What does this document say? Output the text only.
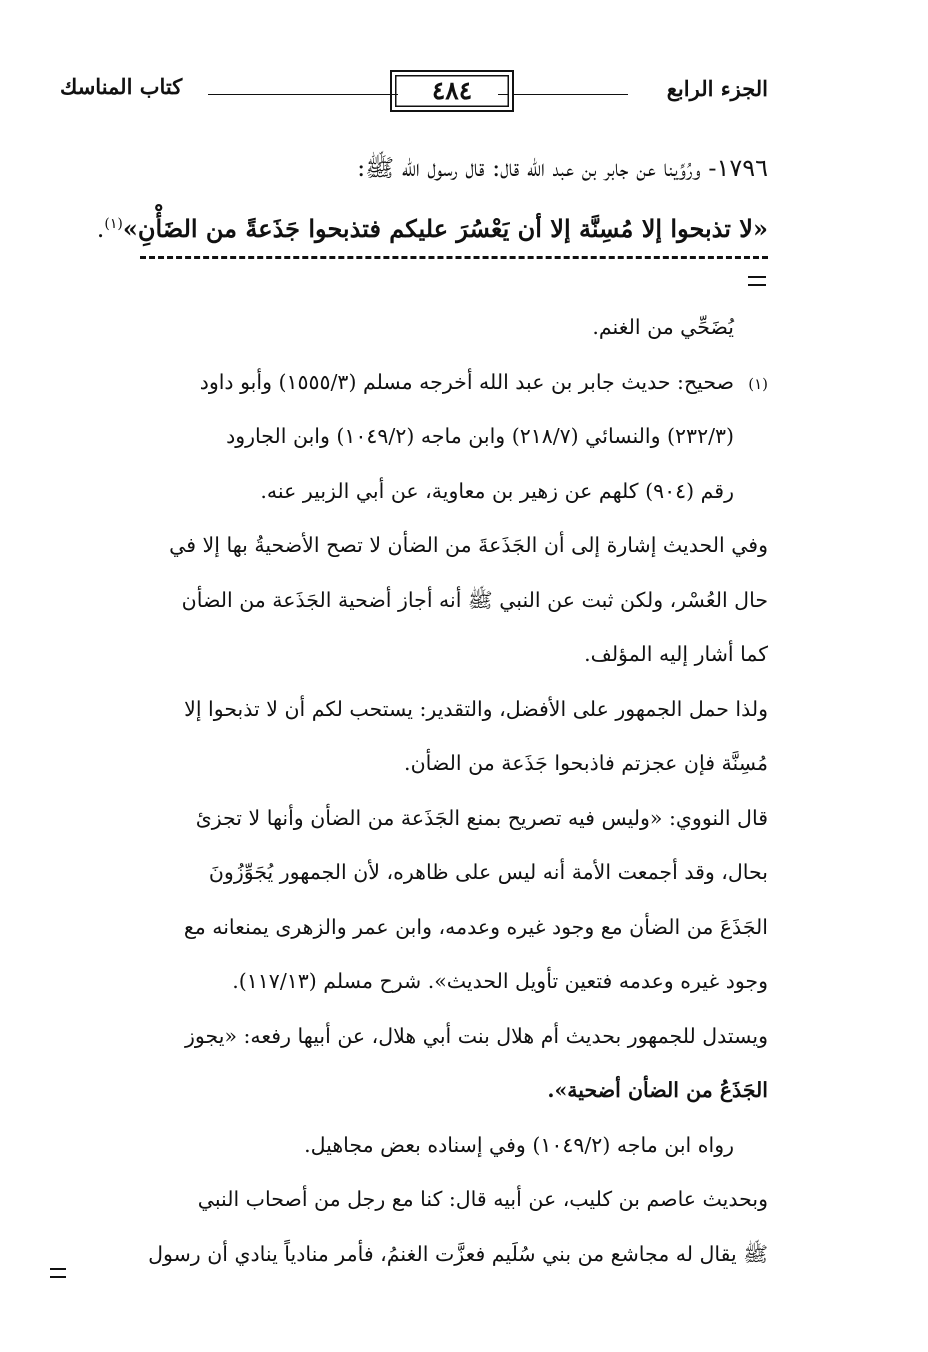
الجزء الرابع
٤٨٤
كتاب المناسك
١٧٩٦- ورُوِّينا عن جابر بن عبد الله قال: قال رسول الله ﷺ:
«لا تذبحوا إلا مُسِنَّة إلا أن يَعْسُرَ عليكم فتذبحوا جَذَعةً من الضَأْنِ»$^{(١)}$.
يُضَحِّي من الغنم.
(١)صحيح: حديث جابر بن عبد الله أخرجه مسلم (١٥٥٥/٣) وأبو داود
(٢٣٢/٣) والنسائي (٢١٨/٧) وابن ماجه (١٠٤٩/٢) وابن الجارود
رقم (٩٠٤) كلهم عن زهير بن معاوية، عن أبي الزبير عنه.
وفي الحديث إشارة إلى أن الجَذَعةَ من الضأن لا تصح الأضحيةُ بها إلا في
حال العُسْر، ولكن ثبت عن النبي ﷺ أنه أجاز أضحية الجَذَعة من الضأن
كما أشار إليه المؤلف.
ولذا حمل الجمهور على الأفضل، والتقدير: يستحب لكم أن لا تذبحوا إلا
مُسِنَّة فإن عجزتم فاذبحوا جَذَعة من الضأن.
قال النووي: «وليس فيه تصريح بمنع الجَذَعة من الضأن وأنها لا تجزئ
بحال، وقد أجمعت الأمة أنه ليس على ظاهره، لأن الجمهور يُجَوِّزُونَ
الجَذَعَ من الضأن مع وجود غيره وعدمه، وابن عمر والزهرى يمنعانه مع
وجود غيره وعدمه فتعين تأويل الحديث». شرح مسلم (١١٧/١٣).
ويستدل للجمهور بحديث أم هلال بنت أبي هلال، عن أبيها رفعه: «يجوز
الجَذَعُ من الضأن أضحية».
رواه ابن ماجه (١٠٤٩/٢) وفي إسناده بعض مجاهيل.
وبحديث عاصم بن كليب، عن أبيه قال: كنا مع رجل من أصحاب النبي
ﷺ يقال له مجاشع من بني سُلَيم فعزَّت الغنمُ، فأمر منادياً ينادي أن رسول
